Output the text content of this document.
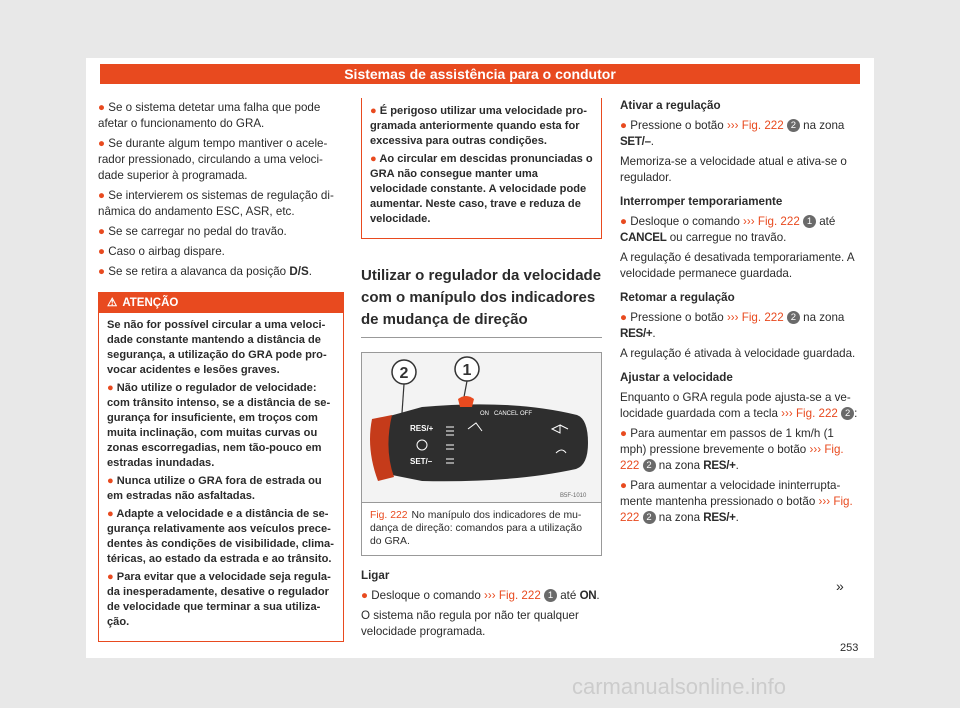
Sistemas de assistência para o condutor

● Se o sistema detetar uma falha que pode afetar o funcionamento do GRA.

● Se durante algum tempo mantiver o acelerador pressionado, circulando a uma velocidade superior à programada.

● Se intervierem os sistemas de regulação dinâmica do andamento ESC, ASR, etc.

● Se se carregar no pedal do travão.

● Caso o airbag dispare.

● Se se retira a alavanca da posição D/S.

⚠ ATENÇÃO

Se não for possível circular a uma velocidade constante mantendo a distância de segurança, a utilização do GRA pode provocar acidentes e lesões graves.

● Não utilize o regulador de velocidade: com trânsito intenso, se a distância de segurança for insuficiente, em troços com muita inclinação, com muitas curvas ou zonas escorregadias, nem tão-pouco em estradas inundadas.

● Nunca utilize o GRA fora de estrada ou em estradas não asfaltadas.

● Adapte a velocidade e a distância de segurança relativamente aos veículos precedentes às condições de visibilidade, climatéricas, ao estado da estrada e ao trânsito.

● Para evitar que a velocidade seja regulada inesperadamente, desative o regulador de velocidade que terminar a sua utilização.

● É perigoso utilizar uma velocidade programada anteriormente quando esta for excessiva para outras condições.

● Ao circular em descidas pronunciadas o GRA não consegue manter uma velocidade constante. A velocidade pode aumentar. Neste caso, trave e reduza de velocidade.

Utilizar o regulador da velocidade com o manípulo dos indicadores de mudança de direção
2	1
RES/+
SET/–
ON CANCEL OFF
B5F-1010
Fig. 222 No manípulo dos indicadores de mudança de direção: comandos para a utilização do GRA.

Ligar

● Desloque o comando ››› Fig. 222 1 até ON.

O sistema não regula por não ter qualquer velocidade programada.

Ativar a regulação

● Pressione o botão ››› Fig. 222 2 na zona SET/–.

Memoriza-se a velocidade atual e ativa-se o regulador.

Interromper temporariamente

● Desloque o comando ››› Fig. 222 1 até CANCEL ou carregue no travão.

A regulação é desativada temporariamente. A velocidade permanece guardada.

Retomar a regulação

● Pressione o botão ››› Fig. 222 2 na zona RES/+.

A regulação é ativada à velocidade guardada.

Ajustar a velocidade

Enquanto o GRA regula pode ajusta-se a velocidade guardada com a tecla ››› Fig. 222 2 :

● Para aumentar em passos de 1 km/h (1 mph) pressione brevemente o botão ››› Fig. 222 2 na zona RES/+.

● Para aumentar a velocidade ininterruptamente mantenha pressionado o botão ››› Fig. 222 2 na zona RES/+.

»
253
carmanualsonline.info
